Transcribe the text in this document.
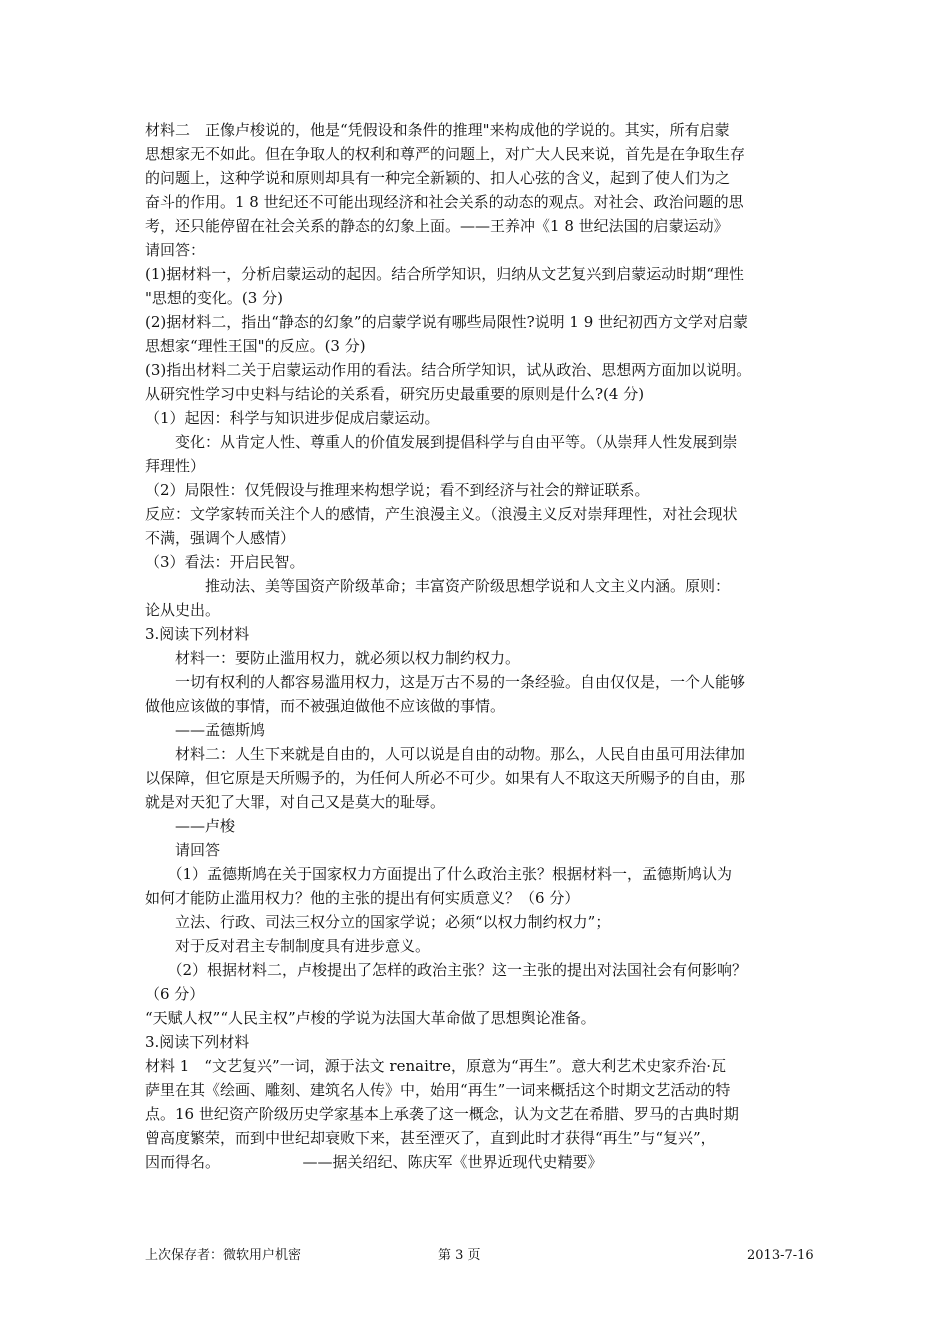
材料二　正像卢梭说的，他是“凭假设和条件的推理"来构成他的学说的。其实，所有启蒙
思想家无不如此。但在争取人的权利和尊严的问题上，对广大人民来说，首先是在争取生存
的问题上，这种学说和原则却具有一种完全新颖的、扣人心弦的含义，起到了使人们为之
奋斗的作用。1 8 世纪还不可能出现经济和社会关系的动态的观点。对社会、政治问题的思
考，还只能停留在社会关系的静态的幻象上面。——王养冲《1 8 世纪法国的启蒙运动》
请回答：
(1)据材料一，分析启蒙运动的起因。结合所学知识，归纳从文艺复兴到启蒙运动时期“理性
"思想的变化。(3 分)
(2)据材料二，指出“静态的幻象”的启蒙学说有哪些局限性?说明 1 9 世纪初西方文学对启蒙
思想家“理性王国"的反应。(3 分)
(3)指出材料二关于启蒙运动作用的看法。结合所学知识，试从政治、思想两方面加以说明。
从研究性学习中史料与结论的关系看，研究历史最重要的原则是什么?(4 分)
（1）起因：科学与知识进步促成启蒙运动。
　　变化：从肯定人性、尊重人的价值发展到提倡科学与自由平等。（从崇拜人性发展到崇
拜理性）
（2）局限性：仅凭假设与推理来构想学说；看不到经济与社会的辩证联系。
反应：文学家转而关注个人的感情，产生浪漫主义。（浪漫主义反对崇拜理性，对社会现状
不满，强调个人感情）
（3）看法：开启民智。
　　　　推动法、美等国资产阶级革命；丰富资产阶级思想学说和人文主义内涵。原则：
论从史出。
3.阅读下列材料
　　材料一：要防止滥用权力，就必须以权力制约权力。
　　一切有权利的人都容易滥用权力，这是万古不易的一条经验。自由仅仅是，一个人能够
做他应该做的事情，而不被强迫做他不应该做的事情。
　　——孟德斯鸠
　　材料二：人生下来就是自由的，人可以说是自由的动物。那么，人民自由虽可用法律加
以保障，但它原是天所赐予的，为任何人所必不可少。如果有人不取这天所赐予的自由，那
就是对天犯了大罪，对自己又是莫大的耻辱。
　　——卢梭
　　请回答
　　（1）孟德斯鸠在关于国家权力方面提出了什么政治主张？根据材料一，孟德斯鸠认为
如何才能防止滥用权力？他的主张的提出有何实质意义？（6 分）
　　立法、行政、司法三权分立的国家学说；必须“以权力制约权力”；
　　对于反对君主专制制度具有进步意义。
　　（2）根据材料二，卢梭提出了怎样的政治主张？这一主张的提出对法国社会有何影响？
（6 分）
“天赋人权”“人民主权”卢梭的学说为法国大革命做了思想舆论准备。
3.阅读下列材料
材料 1　“文艺复兴”一词，源于法文 renaitre，原意为“再生”。意大利艺术史家乔治·瓦
萨里在其《绘画、雕刻、建筑名人传》中，始用“再生”一词来概括这个时期文艺活动的特
点。16 世纪资产阶级历史学家基本上承袭了这一概念，认为文艺在希腊、罗马的古典时期
曾高度繁荣，而到中世纪却衰败下来，甚至湮灭了，直到此时才获得“再生”与“复兴”，
因而得名。　　　　　　——据关绍纪、陈庆军《世界近现代史精要》
上次保存者：微软用户机密	第 3 页	2013-7-16
